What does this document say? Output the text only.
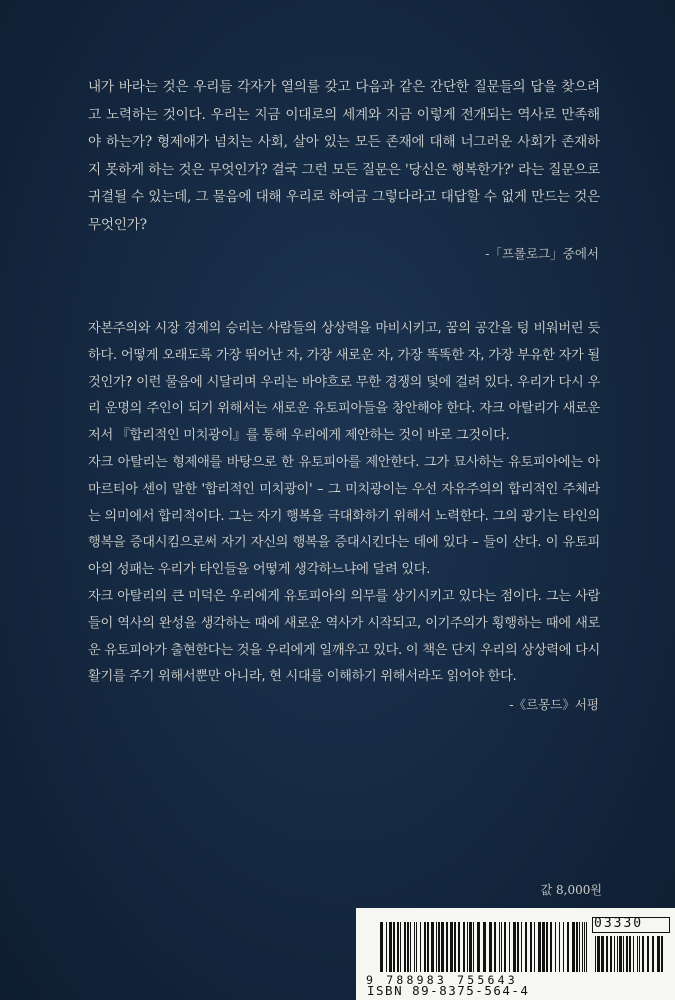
내가 바라는 것은 우리들 각자가 열의를 갖고 다음과 같은 간단한 질문들의 답을 찾으려고 노력하는 것이다. 우리는 지금 이대로의 세계와 지금 이렇게 전개되는 역사로 만족해야 하는가? 형제애가 넘치는 사회, 살아 있는 모든 존재에 대해 너그러운 사회가 존재하지 못하게 하는 것은 무엇인가? 결국 그런 모든 질문은 '당신은 행복한가?' 라는 질문으로 귀결될 수 있는데, 그 물음에 대해 우리로 하여금 그렇다라고 대답할 수 없게 만드는 것은 무엇인가?
-「프롤로그」중에서

자본주의와 시장 경제의 승리는 사람들의 상상력을 마비시키고, 꿈의 공간을 텅 비워버린 듯하다. 어떻게 오래도록 가장 뛰어난 자, 가장 새로운 자, 가장 똑똑한 자, 가장 부유한 자가 될 것인가? 이런 물음에 시달리며 우리는 바야흐로 무한 경쟁의 덫에 걸려 있다. 우리가 다시 우리 운명의 주인이 되기 위해서는 새로운 유토피아들을 창안해야 한다. 자크 아탈리가 새로운 저서 『합리적인 미치광이』를 통해 우리에게 제안하는 것이 바로 그것이다.

자크 아탈리는 형제애를 바탕으로 한 유토피아를 제안한다. 그가 묘사하는 유토피아에는 아마르티아 센이 말한 '합리적인 미치광이' – 그 미치광이는 우선 자유주의의 합리적인 주체라는 의미에서 합리적이다. 그는 자기 행복을 극대화하기 위해서 노력한다. 그의 광기는 타인의 행복을 증대시킴으로써 자기 자신의 행복을 증대시킨다는 데에 있다 – 들이 산다. 이 유토피아의 성패는 우리가 타인들을 어떻게 생각하느냐에 달려 있다.

자크 아탈리의 큰 미덕은 우리에게 유토피아의 의무를 상기시키고 있다는 점이다. 그는 사람들이 역사의 완성을 생각하는 때에 새로운 역사가 시작되고, 이기주의가 횡행하는 때에 새로운 유토피아가 출현한다는 것을 우리에게 일깨우고 있다. 이 책은 단지 우리의 상상력에 다시 활기를 주기 위해서뿐만 아니라, 현 시대를 이해하기 위해서라도 읽어야 한다.

-《르몽드》서평
값 8,000원
03330
9 788983 755643
ISBN 89-8375-564-4
